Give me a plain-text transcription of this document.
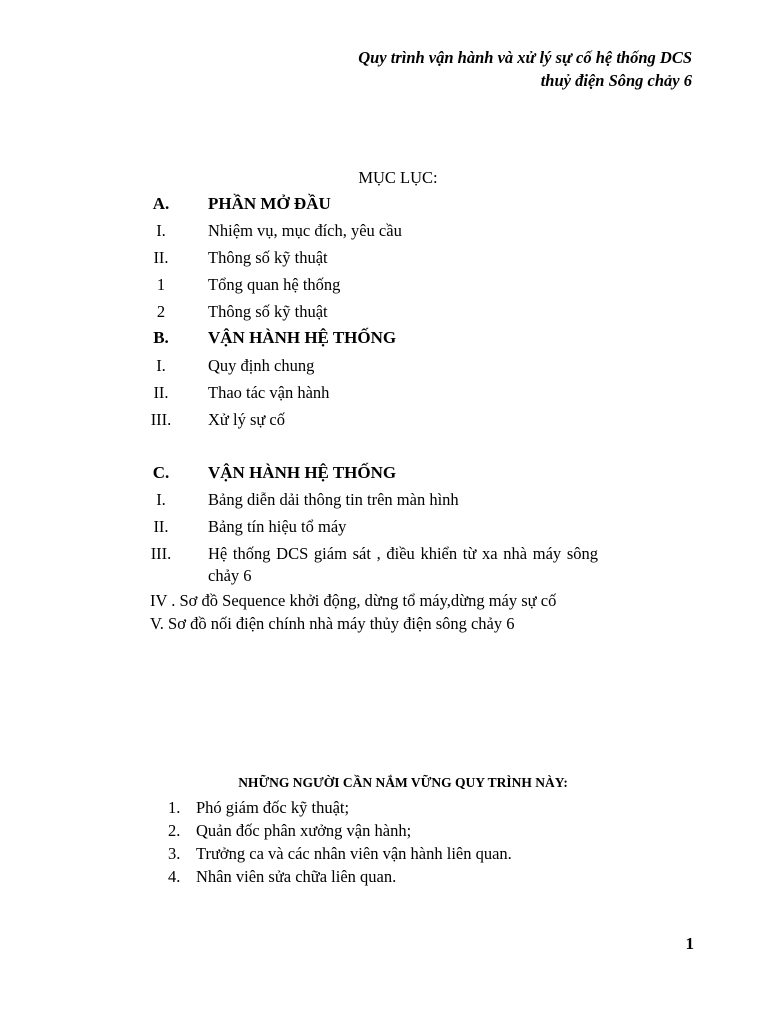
Quy trình vận hành và xử lý sự cố hệ thống DCS
thuỷ điện Sông chảy 6
MỤC LỤC:
A.	PHẦN MỞ ĐẦU
I.	Nhiệm vụ, mục đích, yêu cầu
II.	Thông số kỹ thuật
1	Tổng quan hệ thống
2	Thông số kỹ thuật
B.	VẬN HÀNH HỆ THỐNG
I.	Quy định chung
II.	Thao tác vận hành
III.	Xử lý sự cố
C.	VẬN HÀNH HỆ THỐNG
I.	Bảng diễn dải thông tin trên màn hình
II.	Bảng tín hiệu tổ máy
III.	Hệ thống DCS giám sát , điều khiển từ xa nhà máy sông chảy 6
IV . Sơ đồ Sequence khởi động, dừng tổ máy,dừng máy sự cố
V. Sơ đồ nối điện chính nhà máy thủy điện sông chảy 6
NHỮNG NGƯỜI CẦN NẮM VỮNG QUY TRÌNH NÀY:
1. Phó giám đốc kỹ thuật;
2. Quản đốc phân xưởng vận hành;
3. Trưởng ca và các nhân viên vận hành liên quan.
4. Nhân viên sửa chữa liên quan.
1
